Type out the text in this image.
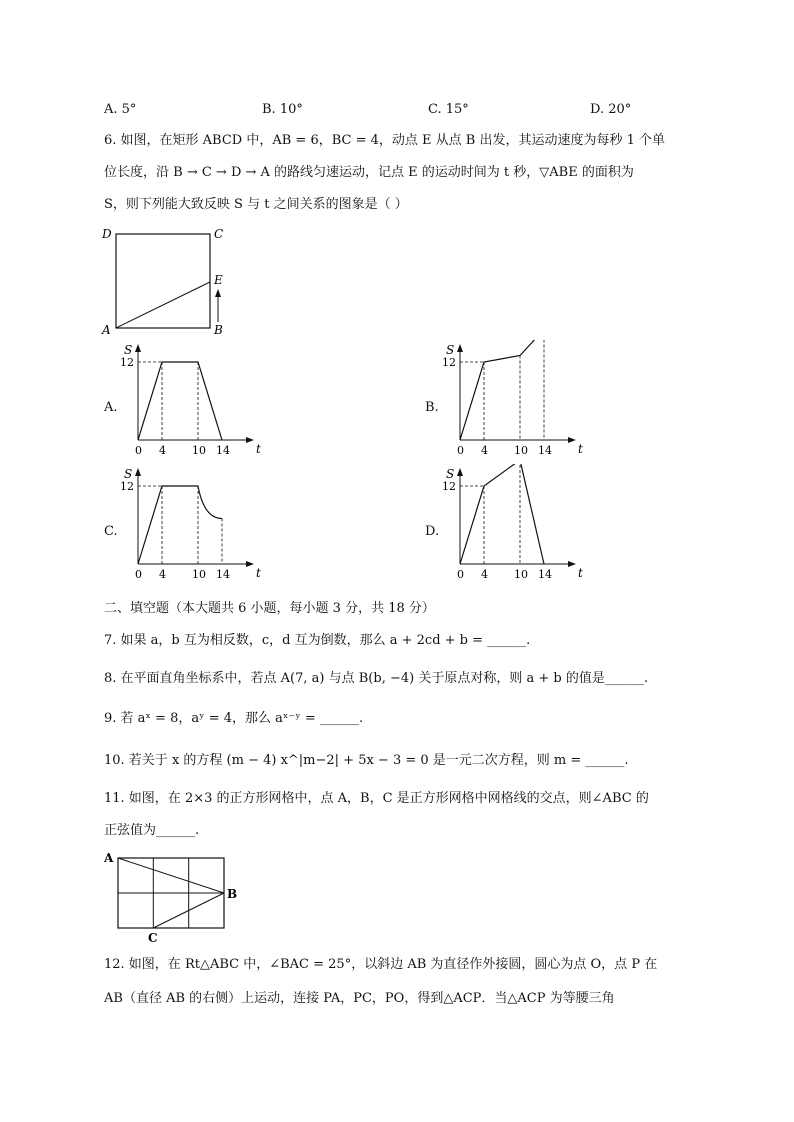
A. 5°	B. 10°	C. 15°	D. 20°
6. 如图，在矩形 ABCD 中，AB = 6，BC = 4，动点 E 从点 B 出发，其运动速度为每秒 1 个单
位长度，沿 B → C → D → A 的路线匀速运动，记点 E 的运动时间为 t 秒，▽ABE 的面积为
S，则下列能大致反映 S 与 t 之间关系的图象是（ ）
D	C
E
A	B
A.	B.
C.	D.
S
t
12
0 4 10 14
S
t
12
0 4 10 14
S
t
12
0 4 10 14
S
t
12
0 4 10 14
二、填空题（本大题共 6 小题，每小题 3 分，共 18 分）
7. 如果 a，b 互为相反数，c，d 互为倒数，那么 a + 2cd + b = ______.
8. 在平面直角坐标系中，若点 A(7, a) 与点 B(b, −4) 关于原点对称，则 a + b 的值是______.
9. 若 aˣ = 8，aʸ = 4，那么 aˣ⁻ʸ = ______.
10. 若关于 x 的方程 (m − 4) x^|m−2| + 5x − 3 = 0 是一元二次方程，则 m = ______.
11. 如图，在 2×3 的正方形网格中，点 A，B，C 是正方形网格中网格线的交点，则∠ABC 的
正弦值为______.
A
B
C
12. 如图，在 Rt△ABC 中，∠BAC = 25°，以斜边 AB 为直径作外接圆，圆心为点 O，点 P 在
AB（直径 AB 的右侧）上运动，连接 PA，PC，PO，得到△ACP．当△ACP 为等腰三角
